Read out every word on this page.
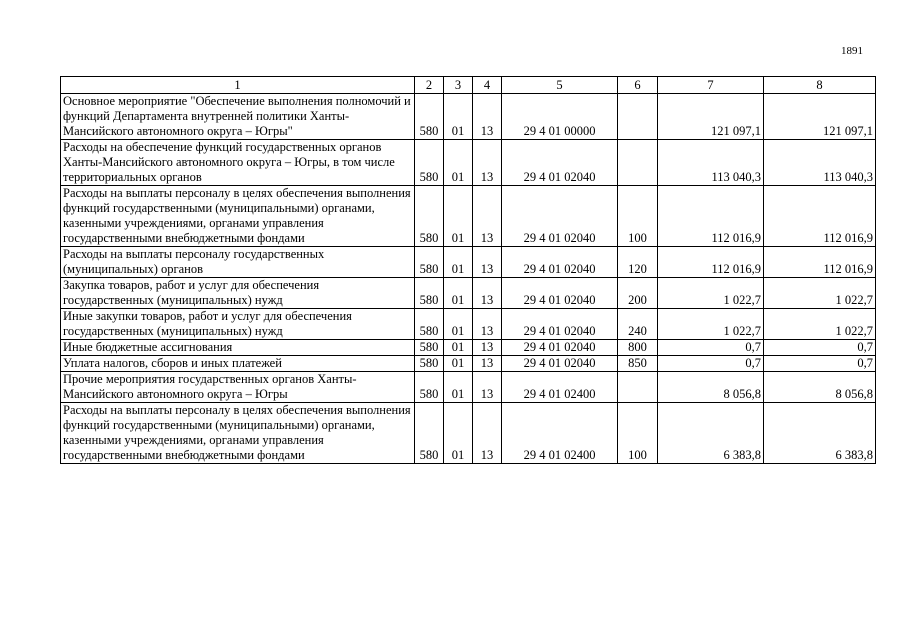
1891
1	2	3	4	5	6	7	8
Основное мероприятие "Обеспечение выполнения полномочий и функций Департамента внутренней политики Ханты-Мансийского автономного округа – Югры"	580	01	13	29 4 01 00000		121 097,1	121 097,1
Расходы на обеспечение функций государственных органов Ханты-Мансийского автономного округа – Югры, в том числе территориальных органов	580	01	13	29 4 01 02040		113 040,3	113 040,3
Расходы на выплаты персоналу в целях обеспечения выполнения функций государственными (муниципальными) органами, казенными учреждениями, органами управления государственными внебюджетными фондами	580	01	13	29 4 01 02040	100	112 016,9	112 016,9
Расходы на выплаты персоналу государственных (муниципальных) органов	580	01	13	29 4 01 02040	120	112 016,9	112 016,9
Закупка товаров, работ и услуг для обеспечения государственных (муниципальных) нужд	580	01	13	29 4 01 02040	200	1 022,7	1 022,7
Иные закупки товаров, работ и услуг для обеспечения государственных (муниципальных) нужд	580	01	13	29 4 01 02040	240	1 022,7	1 022,7
Иные бюджетные ассигнования	580	01	13	29 4 01 02040	800	0,7	0,7
Уплата налогов, сборов и иных платежей	580	01	13	29 4 01 02040	850	0,7	0,7
Прочие мероприятия государственных органов Ханты-Мансийского автономного округа – Югры	580	01	13	29 4 01 02400		8 056,8	8 056,8
Расходы на выплаты персоналу в целях обеспечения выполнения функций государственными (муниципальными) органами, казенными учреждениями, органами управления государственными внебюджетными фондами	580	01	13	29 4 01 02400	100	6 383,8	6 383,8
